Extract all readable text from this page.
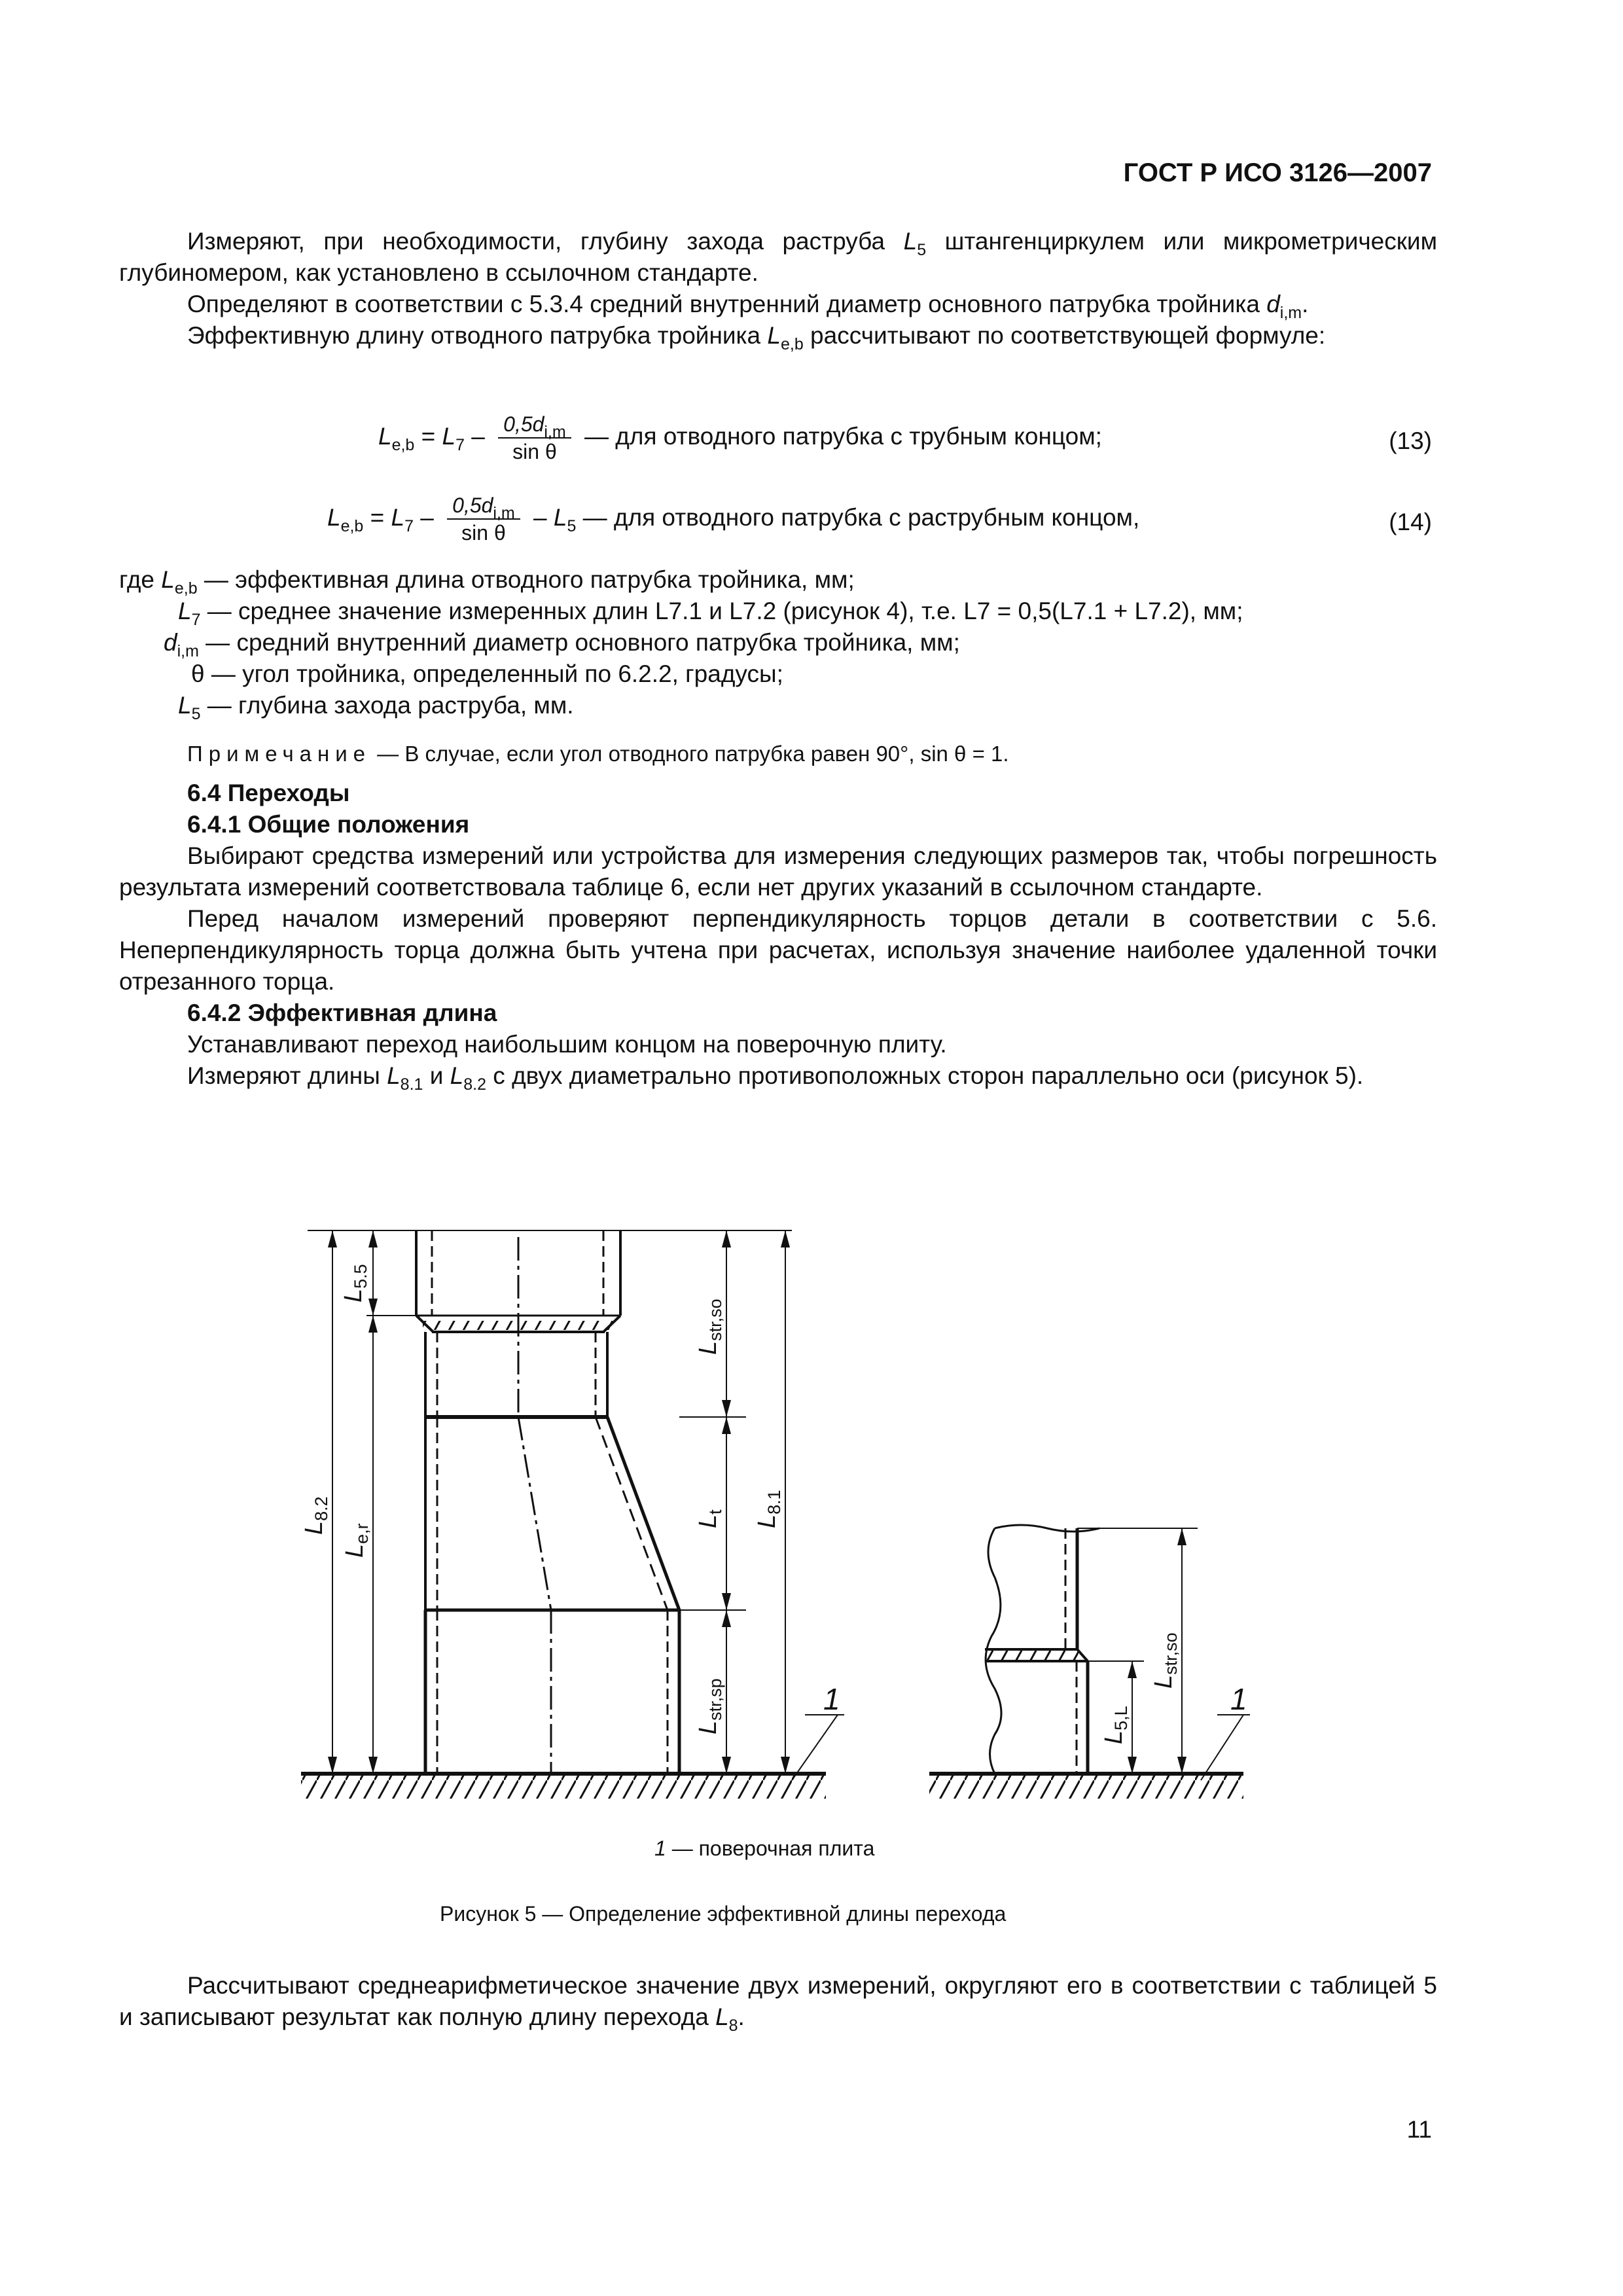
ГОСТ Р ИСО 3126—2007

Измеряют, при необходимости, глубину захода раструба $L_5$ штангенциркулем или микрометрическим глубиномером, как установлено в ссылочном стандарте.

Определяют в соответствии с 5.3.4 средний внутренний диаметр основного патрубка тройника $d_{i,m}$.

Эффективную длину отводного патрубка тройника $L_{e,b}$ рассчитывают по соответствующей формуле:

$L_{e,b} = L_7 - \frac{0,5d_{i,m}}{\text{sin θ}}$ — для отводного патрубка с трубным концом;	(13)
$L_{e,b} = L_7 - \frac{0,5d_{i,m}}{\text{sin θ}} - L_5$ — для отводного патрубка с раструбным концом,	(14)
где $L_{e,b}$ — эффективная длина отводного патрубка тройника, мм;
$L_7$ — среднее значение измеренных длин L7.1 и L7.2 (рисунок 4), т.е. L7 = 0,5(L7.1 + L7.2), мм;
$d_{i,m}$ — средний внутренний диаметр основного патрубка тройника, мм;
θ — угол тройника, определенный по 6.2.2, градусы;
$L_5$ — глубина захода раструба, мм.
Примечание — В случае, если угол отводного патрубка равен 90°, sin θ = 1.

6.4 Переходы

6.4.1 Общие положения

Выбирают средства измерений или устройства для измерения следующих размеров так, чтобы погрешность результата измерений соответствовала таблице 6, если нет других указаний в ссылочном стандарте.

Перед началом измерений проверяют перпендикулярность торцов детали в соответствии с 5.6. Неперпендикулярность торца должна быть учтена при расчетах, используя значение наиболее удаленной точки отрезанного торца.

6.4.2 Эффективная длина

Устанавливают переход наибольшим концом на поверочную плиту.

Измеряют длины $L_{8.1}$ и $L_{8.2}$ с двух диаметрально противоположных сторон параллельно оси (рисунок 5).

$L_{5.5}$
$L_{8.2}$
$L_{e,r}$
$L_{str,so}$
$L_t$
$L_{8.1}$
$L_{str,sp}$
$L_{5,L}$
$L_{str,so}$
1	1
1 — поверочная плита
Рисунок 5 — Определение эффективной длины перехода

Рассчитывают среднеарифметическое значение двух измерений, округляют его в соответствии с таблицей 5 и записывают результат как полную длину перехода $L_8$.

11
